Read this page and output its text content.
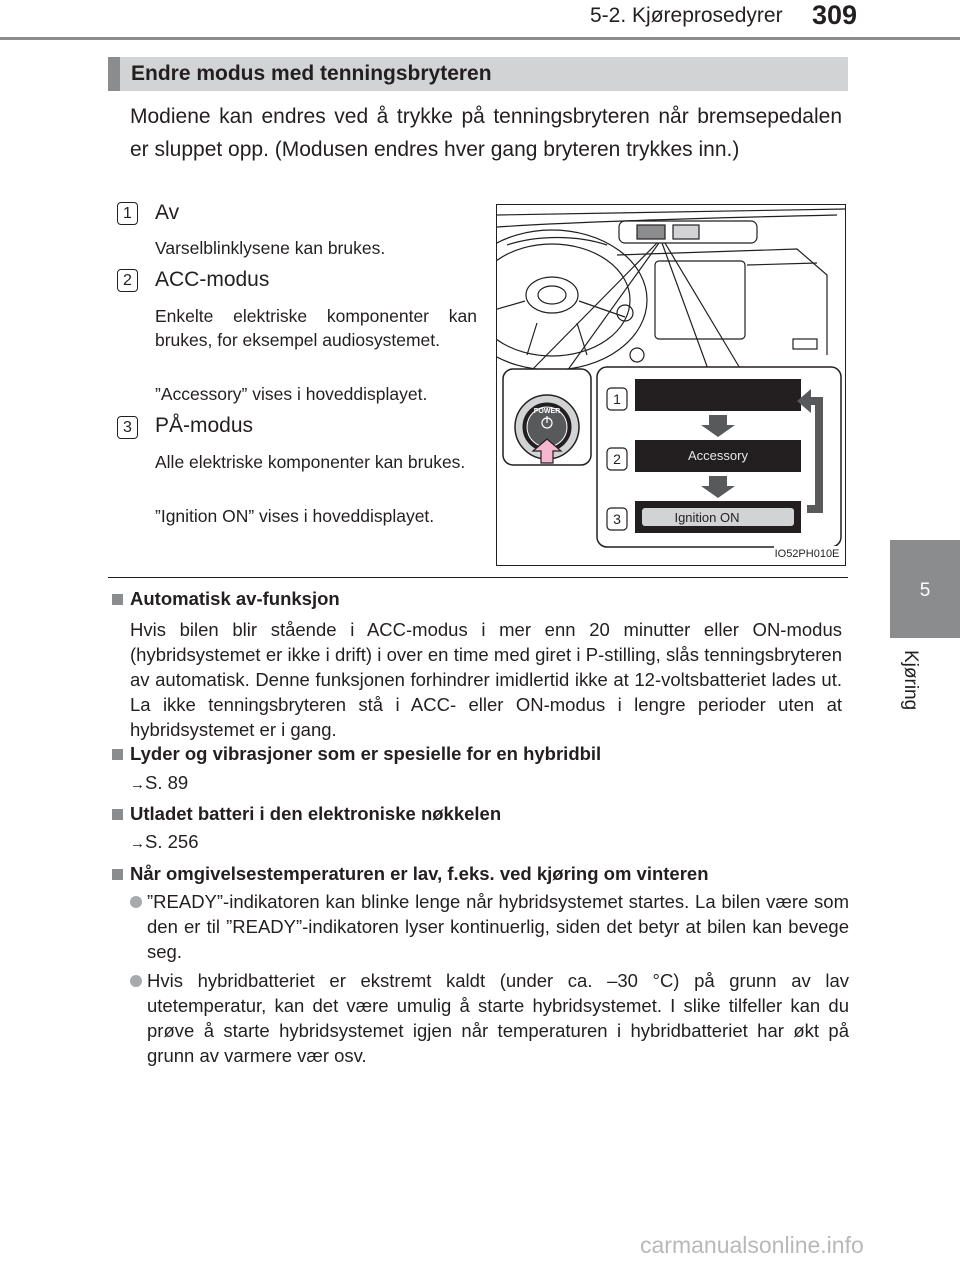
5-2. Kjøreprosedyrer 309
5
Kjøring
Endre modus med tenningsbryteren
Modiene kan endres ved å trykke på tenningsbryteren når bremsepedalen er sluppet opp. (Modusen endres hver gang bryteren trykkes inn.)
1 Av
Varselblinklysene kan brukes.
2 ACC-modus
Enkelte elektriske komponenter kan brukes, for eksempel audiosystemet.
”Accessory” vises i hoveddisplayet.
3 PÅ-modus
Alle elektriske komponenter kan brukes.
”Ignition ON” vises i hoveddisplayet.
POWER
Accessory
Ignition ON
1
2
3
IO52PH010E
Automatisk av-funksjon
Hvis bilen blir stående i ACC-modus i mer enn 20 minutter eller ON-modus (hybridsystemet er ikke i drift) i over en time med giret i P-stilling, slås tenningsbryteren av automatisk. Denne funksjonen forhindrer imidlertid ikke at 12-voltsbatteriet lades ut. La ikke tenningsbryteren stå i ACC- eller ON-modus i lengre perioder uten at hybridsystemet er i gang.
Lyder og vibrasjoner som er spesielle for en hybridbil
→S. 89
Utladet batteri i den elektroniske nøkkelen
→S. 256
Når omgivelsestemperaturen er lav, f.eks. ved kjøring om vinteren
”READY”-indikatoren kan blinke lenge når hybridsystemet startes. La bilen være som den er til ”READY”-indikatoren lyser kontinuerlig, siden det betyr at bilen kan bevege seg.
Hvis hybridbatteriet er ekstremt kaldt (under ca. –30 °C) på grunn av lav utetemperatur, kan det være umulig å starte hybridsystemet. I slike tilfeller kan du prøve å starte hybridsystemet igjen når temperaturen i hybridbatteriet har økt på grunn av varmere vær osv.
carmanualsonline.info
